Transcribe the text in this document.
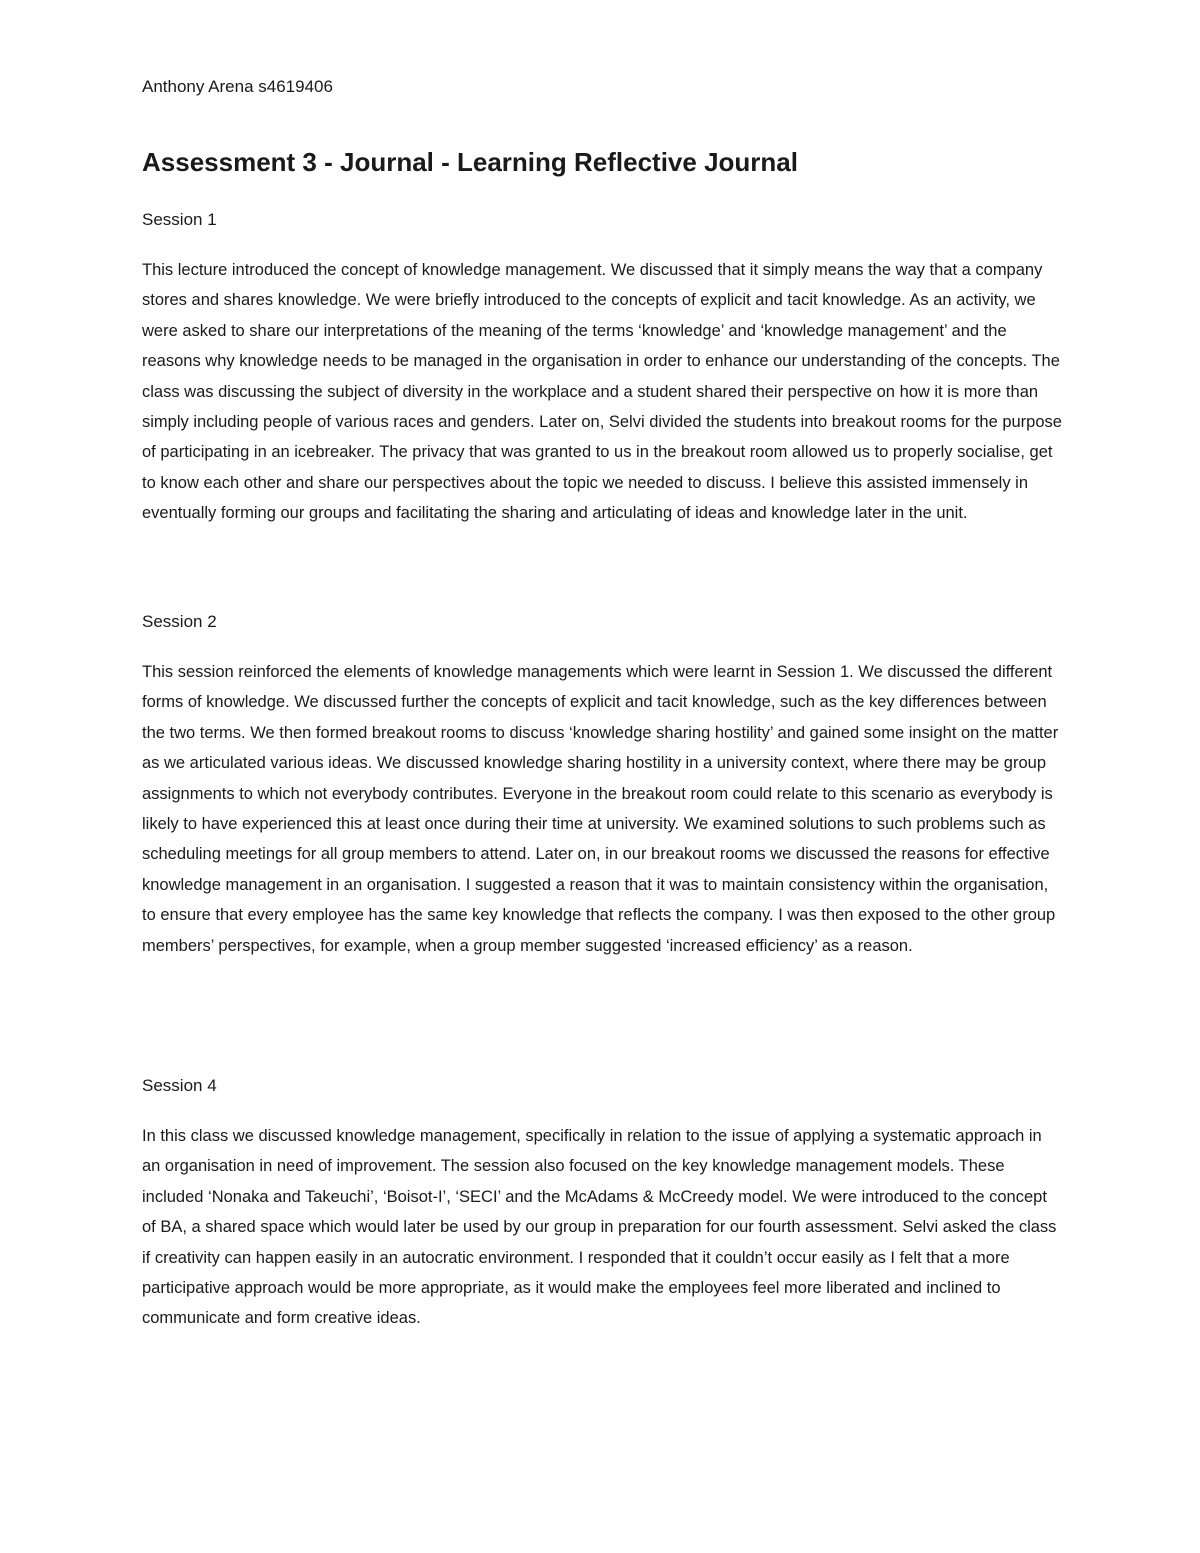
Anthony Arena s4619406
Assessment 3 - Journal - Learning Reflective Journal

Session 1

This lecture introduced the concept of knowledge management. We discussed that it simply means the way that a company stores and shares knowledge. We were briefly introduced to the concepts of explicit and tacit knowledge. As an activity, we were asked to share our interpretations of the meaning of the terms ‘knowledge’ and ‘knowledge management’ and the reasons why knowledge needs to be managed in the organisation in order to enhance our understanding of the concepts. The class was discussing the subject of diversity in the workplace and a student shared their perspective on how it is more than simply including people of various races and genders. Later on, Selvi divided the students into breakout rooms for the purpose of participating in an icebreaker. The privacy that was granted to us in the breakout room allowed us to properly socialise, get to know each other and share our perspectives about the topic we needed to discuss. I believe this assisted immensely in eventually forming our groups and facilitating the sharing and articulating of ideas and knowledge later in the unit.

Session 2

This session reinforced the elements of knowledge managements which were learnt in Session 1. We discussed the different forms of knowledge. We discussed further the concepts of explicit and tacit knowledge, such as the key differences between the two terms. We then formed breakout rooms to discuss ‘knowledge sharing hostility’ and gained some insight on the matter as we articulated various ideas. We discussed knowledge sharing hostility in a university context, where there may be group assignments to which not everybody contributes. Everyone in the breakout room could relate to this scenario as everybody is likely to have experienced this at least once during their time at university. We examined solutions to such problems such as scheduling meetings for all group members to attend. Later on, in our breakout rooms we discussed the reasons for effective knowledge management in an organisation. I suggested a reason that it was to maintain consistency within the organisation, to ensure that every employee has the same key knowledge that reflects the company. I was then exposed to the other group members’ perspectives, for example, when a group member suggested ‘increased efficiency’ as a reason.

Session 4

In this class we discussed knowledge management, specifically in relation to the issue of applying a systematic approach in an organisation in need of improvement. The session also focused on the key knowledge management models. These included ‘Nonaka and Takeuchi’, ‘Boisot-I’, ‘SECI’ and the McAdams & McCreedy model. We were introduced to the concept of BA, a shared space which would later be used by our group in preparation for our fourth assessment. Selvi asked the class if creativity can happen easily in an autocratic environment. I responded that it couldn’t occur easily as I felt that a more participative approach would be more appropriate, as it would make the employees feel more liberated and inclined to communicate and form creative ideas.
